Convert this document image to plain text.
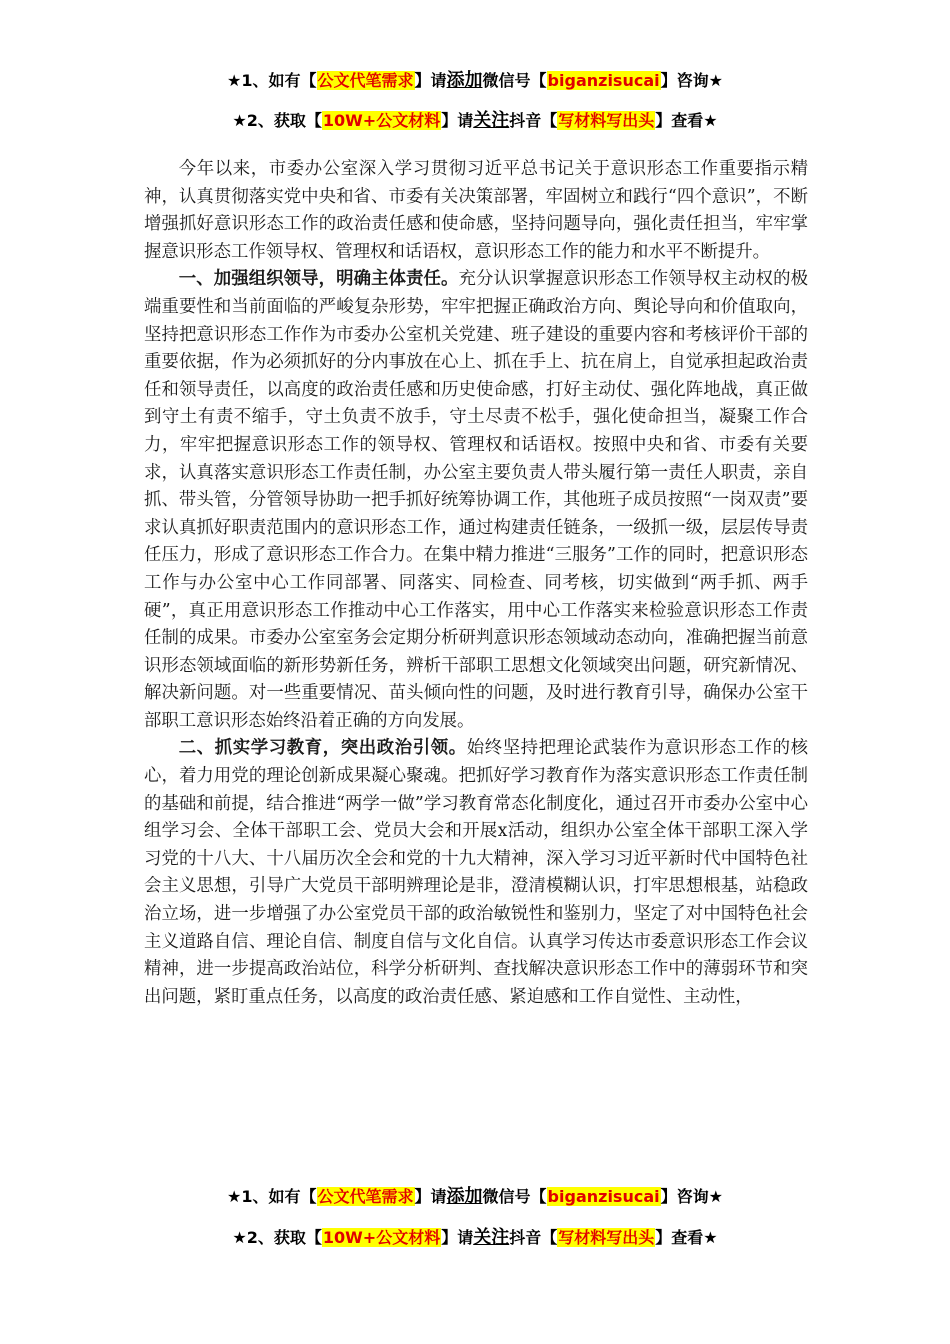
★1、如有【公文代笔需求】请添加微信号【biganzisucai】咨询★
★2、获取【10W+公文材料】请关注抖音【写材料写出头】查看★

今年以来，市委办公室深入学习贯彻习近平总书记关于意识形态工作重要指示精神，认真贯彻落实党中央和省、市委有关决策部署，牢固树立和践行“四个意识”，不断增强抓好意识形态工作的政治责任感和使命感，坚持问题导向，强化责任担当，牢牢掌握意识形态工作领导权、管理权和话语权，意识形态工作的能力和水平不断提升。

一、加强组织领导，明确主体责任。充分认识掌握意识形态工作领导权主动权的极端重要性和当前面临的严峻复杂形势，牢牢把握正确政治方向、舆论导向和价值取向，坚持把意识形态工作作为市委办公室机关党建、班子建设的重要内容和考核评价干部的重要依据，作为必须抓好的分内事放在心上、抓在手上、抗在肩上，自觉承担起政治责任和领导责任，以高度的政治责任感和历史使命感，打好主动仗、强化阵地战，真正做到守土有责不缩手，守土负责不放手，守土尽责不松手，强化使命担当，凝聚工作合力，牢牢把握意识形态工作的领导权、管理权和话语权。按照中央和省、市委有关要求，认真落实意识形态工作责任制，办公室主要负责人带头履行第一责任人职责，亲自抓、带头管，分管领导协助一把手抓好统筹协调工作，其他班子成员按照“一岗双责”要求认真抓好职责范围内的意识形态工作，通过构建责任链条，一级抓一级，层层传导责任压力，形成了意识形态工作合力。在集中精力推进“三服务”工作的同时，把意识形态工作与办公室中心工作同部署、同落实、同检查、同考核，切实做到“两手抓、两手硬”，真正用意识形态工作推动中心工作落实，用中心工作落实来检验意识形态工作责任制的成果。市委办公室室务会定期分析研判意识形态领域动态动向，准确把握当前意识形态领域面临的新形势新任务，辨析干部职工思想文化领域突出问题，研究新情况、解决新问题。对一些重要情况、苗头倾向性的问题，及时进行教育引导，确保办公室干部职工意识形态始终沿着正确的方向发展。

二、抓实学习教育，突出政治引领。始终坚持把理论武装作为意识形态工作的核心，着力用党的理论创新成果凝心聚魂。把抓好学习教育作为落实意识形态工作责任制的基础和前提，结合推进“两学一做”学习教育常态化制度化，通过召开市委办公室中心组学习会、全体干部职工会、党员大会和开展x活动，组织办公室全体干部职工深入学习党的十八大、十八届历次全会和党的十九大精神，深入学习习近平新时代中国特色社会主义思想，引导广大党员干部明辨理论是非，澄清模糊认识，打牢思想根基，站稳政治立场，进一步增强了办公室党员干部的政治敏锐性和鉴别力，坚定了对中国特色社会主义道路自信、理论自信、制度自信与文化自信。认真学习传达市委意识形态工作会议精神，进一步提高政治站位，科学分析研判、查找解决意识形态工作中的薄弱环节和突出问题，紧盯重点任务，以高度的政治责任感、紧迫感和工作自觉性、主动性，

★1、如有【公文代笔需求】请添加微信号【biganzisucai】咨询★
★2、获取【10W+公文材料】请关注抖音【写材料写出头】查看★
